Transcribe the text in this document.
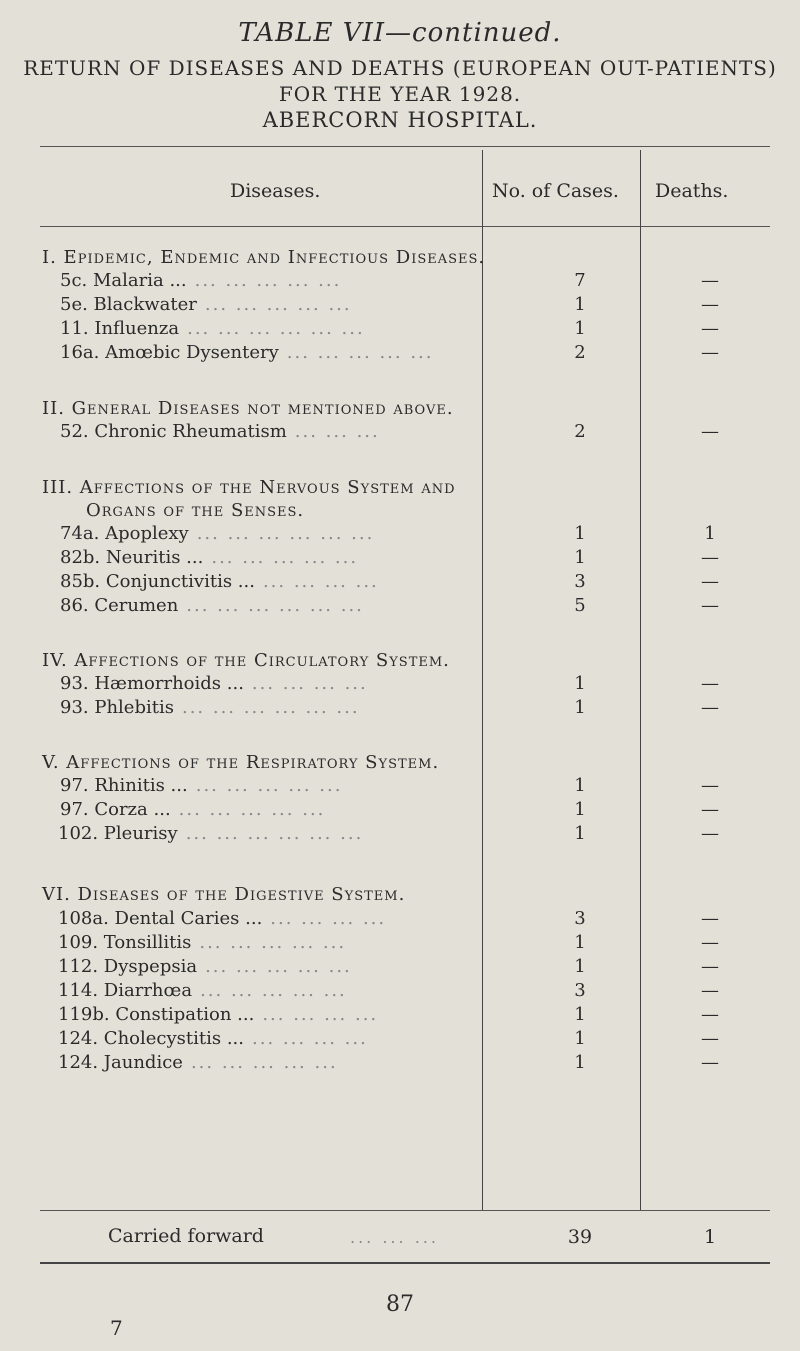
TABLE VII—continued.
RETURN OF DISEASES AND DEATHS (EUROPEAN OUT-PATIENTS)
FOR THE YEAR 1928.
ABERCORN HOSPITAL.
Diseases.	No. of Cases. Deaths.
I. Epidemic, Endemic and Infectious Diseases.
5c. Malaria ... ... ... ... ... ...	7	—
5e. Blackwater ... ... ... ... ...	1	—
11. Influenza ... ... ... ... ... ...	1	—
16a. Amœbic Dysentery ... ... ... ... ...	2	—
II. General Diseases not mentioned above.
52. Chronic Rheumatism ... ... ...	2	—
III. Affections of the Nervous System and
Organs of the Senses.
74a. Apoplexy ... ... ... ... ... ...	1	1
82b. Neuritis ... ... ... ... ... ...	1	—
85b. Conjunctivitis ... ... ... ... ...	3	—
86. Cerumen ... ... ... ... ... ...	5	—
IV. Affections of the Circulatory System.
93. Hæmorrhoids ... ... ... ... ...	1	—
93. Phlebitis ... ... ... ... ... ...	1	—
V. Affections of the Respiratory System.
97. Rhinitis ... ... ... ... ... ...	1	—
97. Corza ... ... ... ... ... ...	1	—
102. Pleurisy ... ... ... ... ... ...	1	—
VI. Diseases of the Digestive System.
108a. Dental Caries ... ... ... ... ...	3	—
109. Tonsillitis ... ... ... ... ...	1	—
112. Dyspepsia ... ... ... ... ...	1	—
114. Diarrhœa ... ... ... ... ...	3	—
119b. Constipation ... ... ... ... ...	1	—
124. Cholecystitis ... ... ... ... ...	1	—
124. Jaundice ... ... ... ... ...	1	—
Carried forward	... ... ...	39	1
87
7
